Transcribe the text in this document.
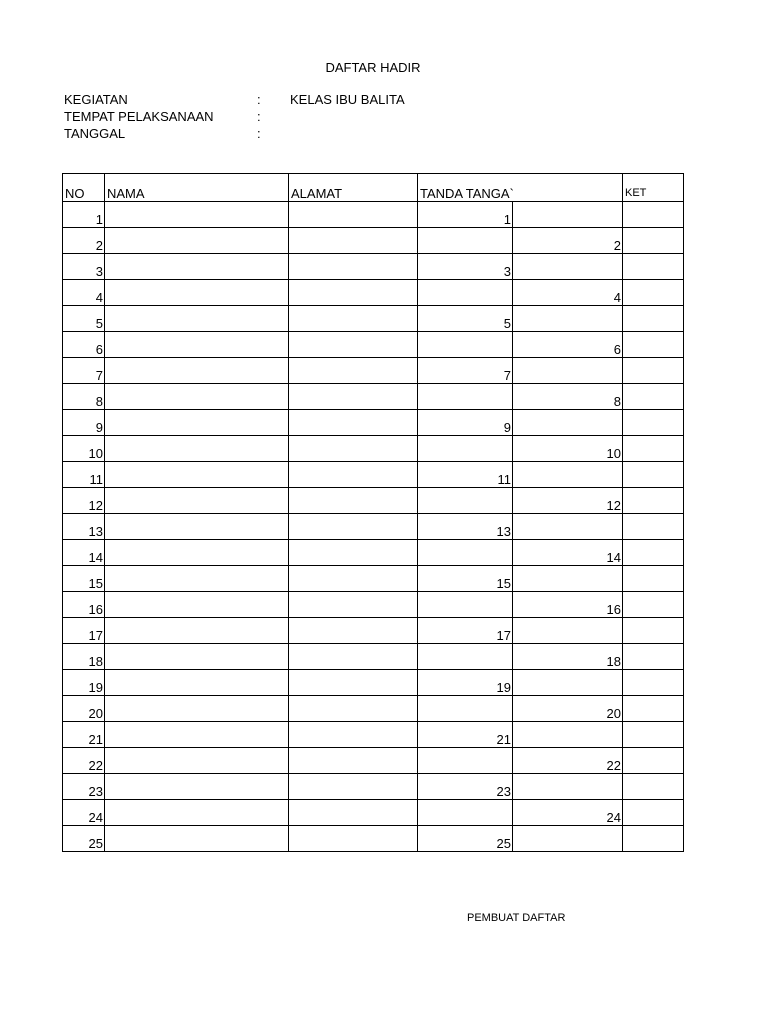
DAFTAR HADIR
KEGIATAN	: KELAS IBU BALITA
TEMPAT PELAKSANAAN	:
TANGGAL	:
NO	NAMA	ALAMAT	TANDA TANGA`		KET
1			1		
2				2	
3			3		
4				4	
5			5		
6				6	
7			7		
8				8	
9			9		
10				10	
11			11		
12				12	
13			13		
14				14	
15			15		
16				16	
17			17		
18				18	
19			19		
20				20	
21			21		
22				22	
23			23		
24				24	
25			25		
PEMBUAT DAFTAR
